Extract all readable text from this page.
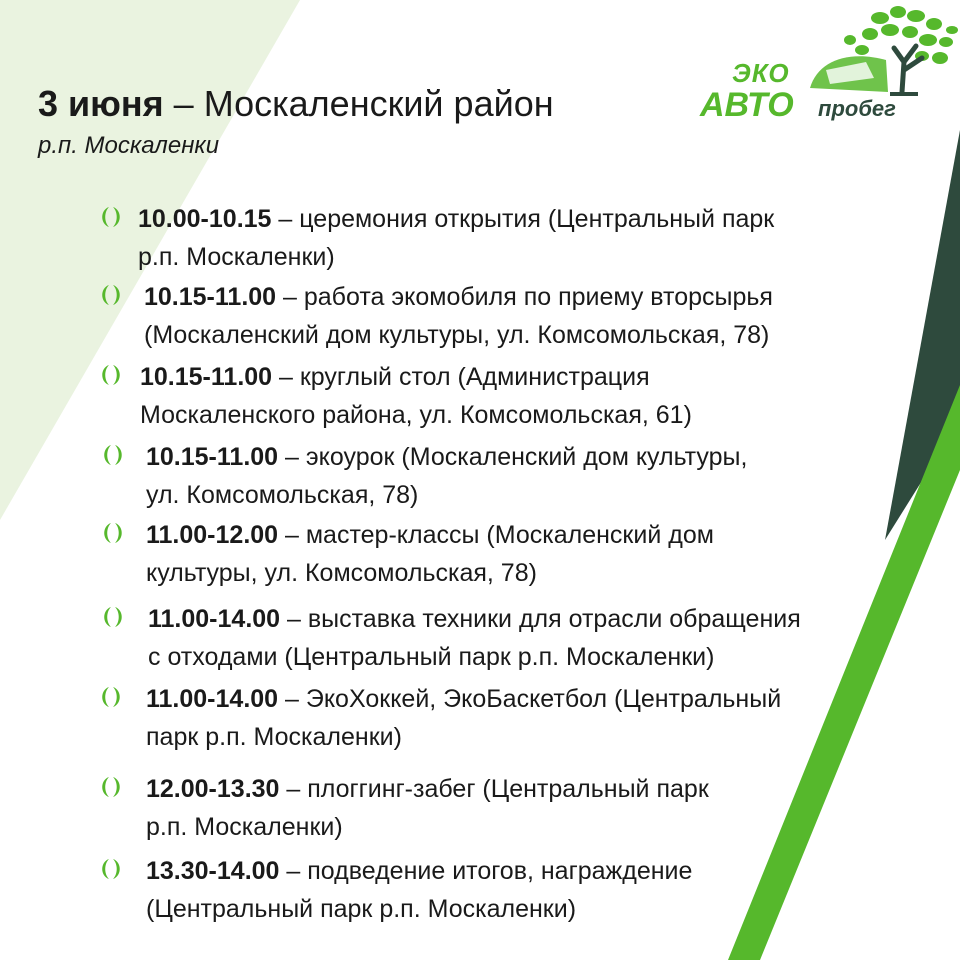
ЭКО
АВТО пробег
3 июня – Москаленский район
р.п. Москаленки
10.00-10.15 – церемония открытия (Центральный парк
р.п. Москаленки)
10.15-11.00 – работа экомобиля по приему вторсырья
(Москаленский дом культуры, ул. Комсомольская, 78)
10.15-11.00 – круглый стол (Администрация
Москаленского района, ул. Комсомольская, 61)
10.15-11.00 – экоурок (Москаленский дом культуры,
ул. Комсомольская, 78)
11.00-12.00 – мастер-классы (Москаленский дом
культуры, ул. Комсомольская, 78)
11.00-14.00 – выставка техники для отрасли обращения
с отходами (Центральный парк р.п. Москаленки)
11.00-14.00 – ЭкоХоккей, ЭкоБаскетбол (Центральный
парк р.п. Москаленки)
12.00-13.30 – плоггинг-забег (Центральный парк
р.п. Москаленки)
13.30-14.00 – подведение итогов, награждение
(Центральный парк р.п. Москаленки)
